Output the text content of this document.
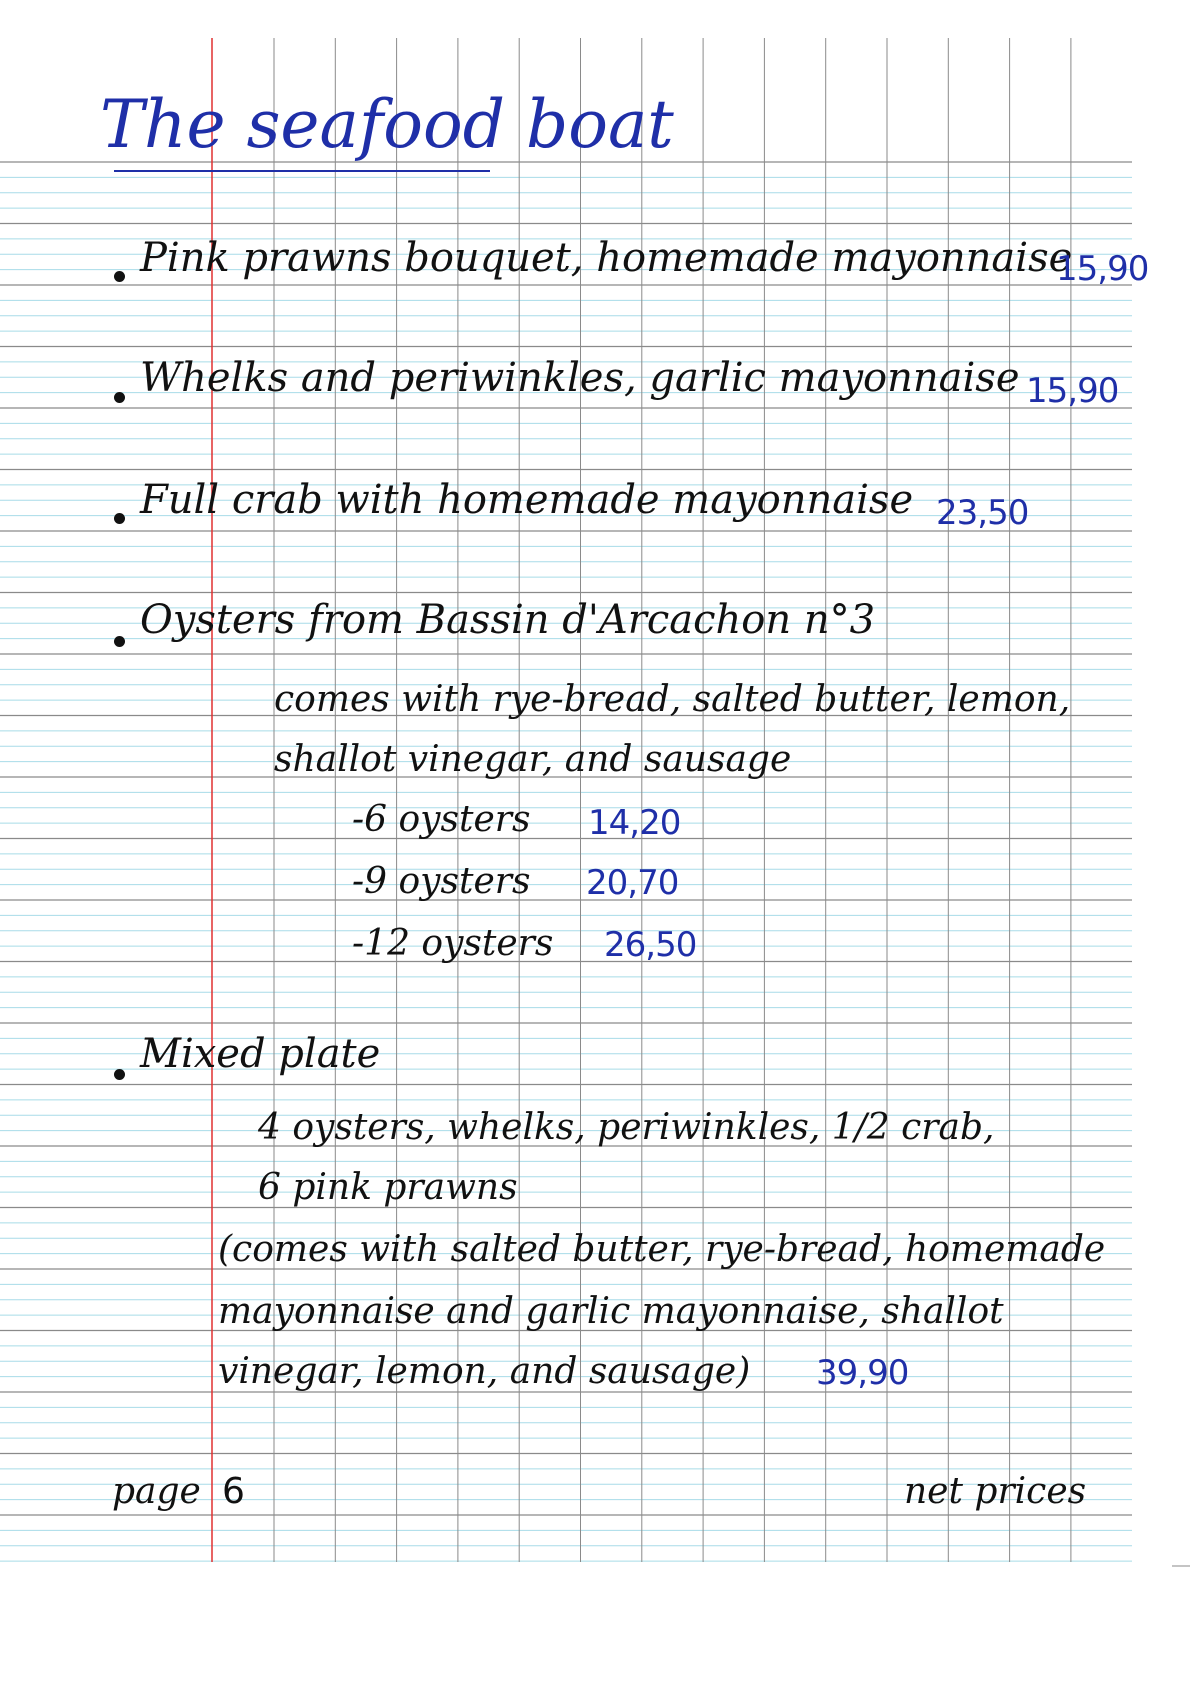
The seafood boat
Pink prawns bouquet, homemade mayonnaise
15,90
Whelks and periwinkles, garlic mayonnaise 15,90
Full crab with homemade mayonnaise 23,50
Oysters from Bassin d'Arcachon n°3
comes with rye-bread, salted butter, lemon,
shallot vinegar, and sausage
-6 oysters 14,20
-9 oysters 20,70
-12 oysters 26,50
Mixed plate
4 oysters, whelks, periwinkles, 1/2 crab,
6 pink prawns
(comes with salted butter, rye-bread, homemade
mayonnaise and garlic mayonnaise, shallot
vinegar, lemon, and sausage) 39,90
page 6	net prices
